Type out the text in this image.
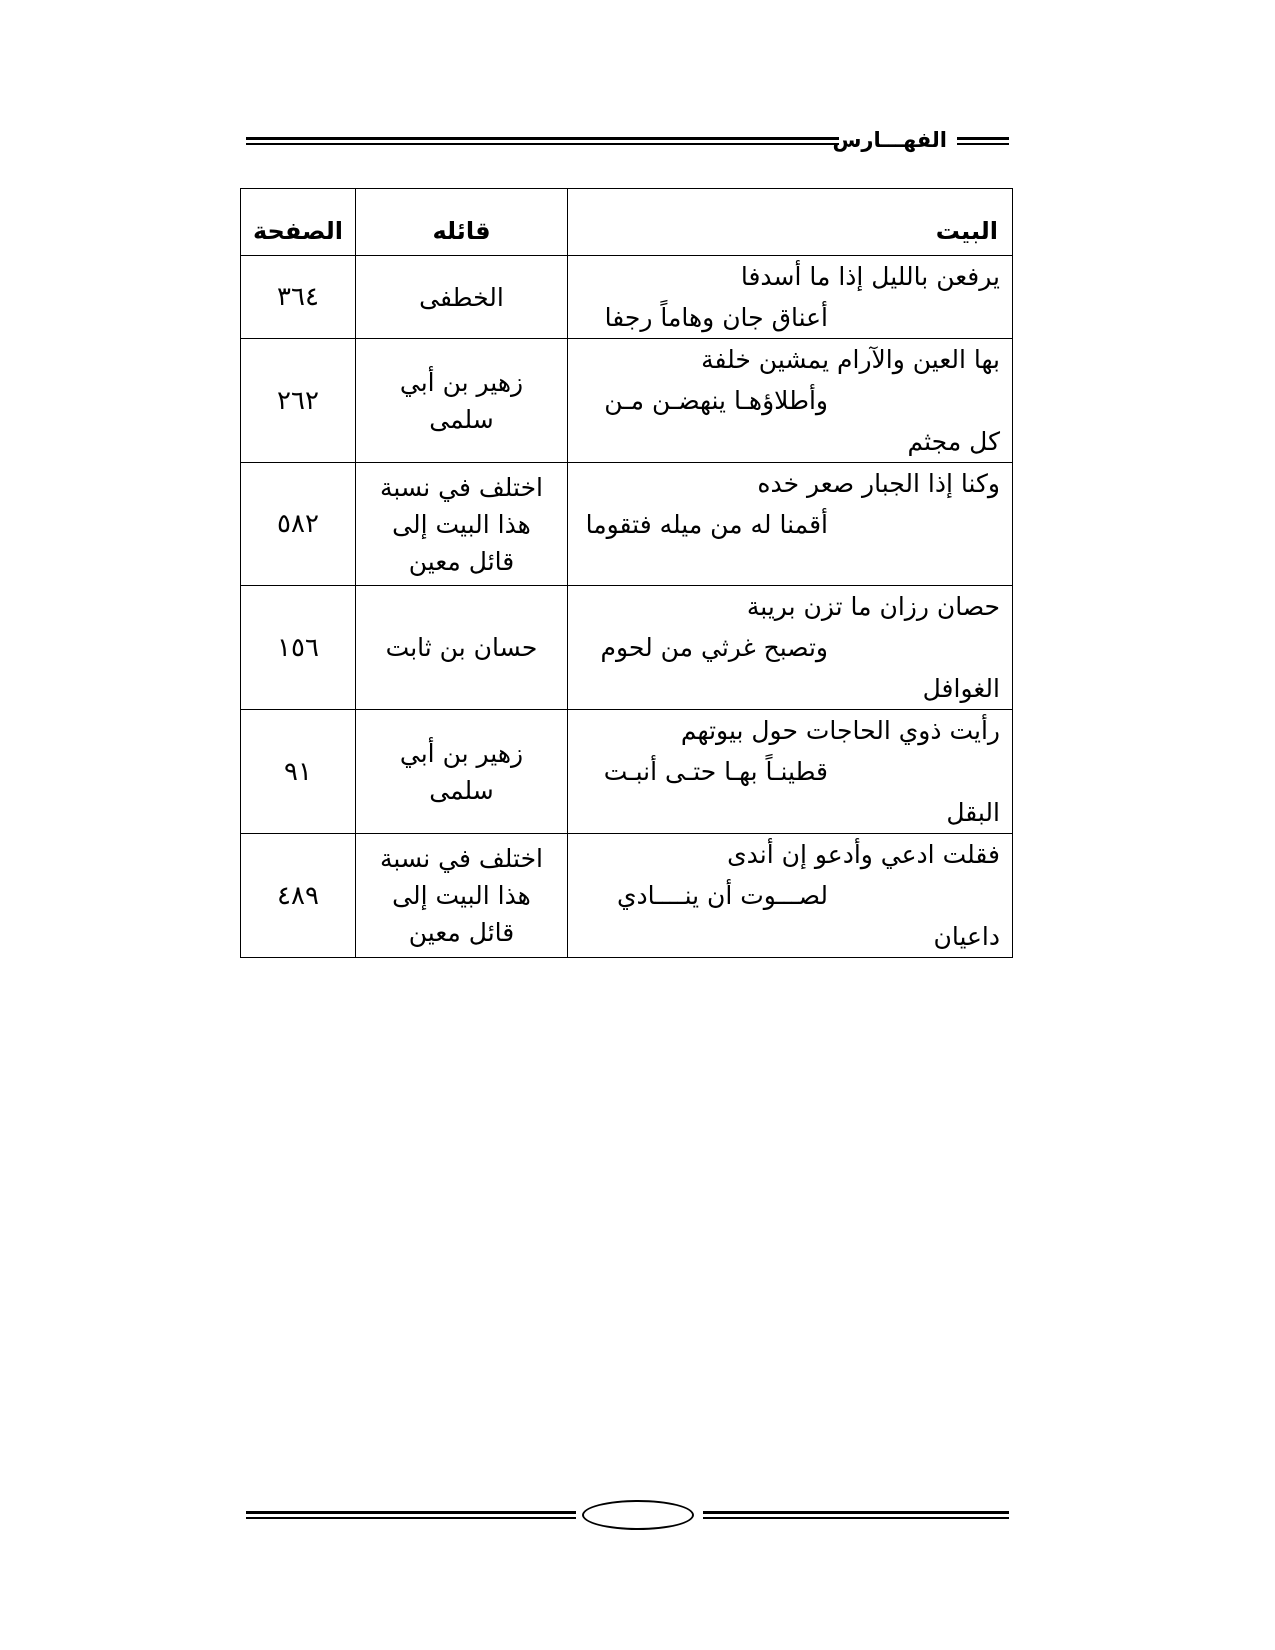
الفهـــارس
البيت	قائله	الصفحة

يرفعن بالليل إذا ما أسدفا
أعناق جان وهاماً رجفا	الخطفى	٣٦٤

بها العين والآرام يمشين خلفة
وأطلاؤهـا ينهضـن مـن
كل مجثم	زهير بن أبي سلمى	٢٦٢

وكنا إذا الجبار صعر خده
أقمنا له من ميله فتقوما	اختلف في نسبة هذا البيت إلى قائل معين	٥٨٢

حصان رزان ما تزن بريبة
وتصبح غرثي من لحوم
الغوافل	حسان بن ثابت	١٥٦

رأيت ذوي الحاجات حول بيوتهم
قطينـاً بهـا حتـى أنبـت
البقل	زهير بن أبي سلمى	٩١

فقلت ادعي وأدعو إن أندى
لصـــوت أن ينــــادي
داعيان	اختلف في نسبة هذا البيت إلى قائل معين	٤٨٩
